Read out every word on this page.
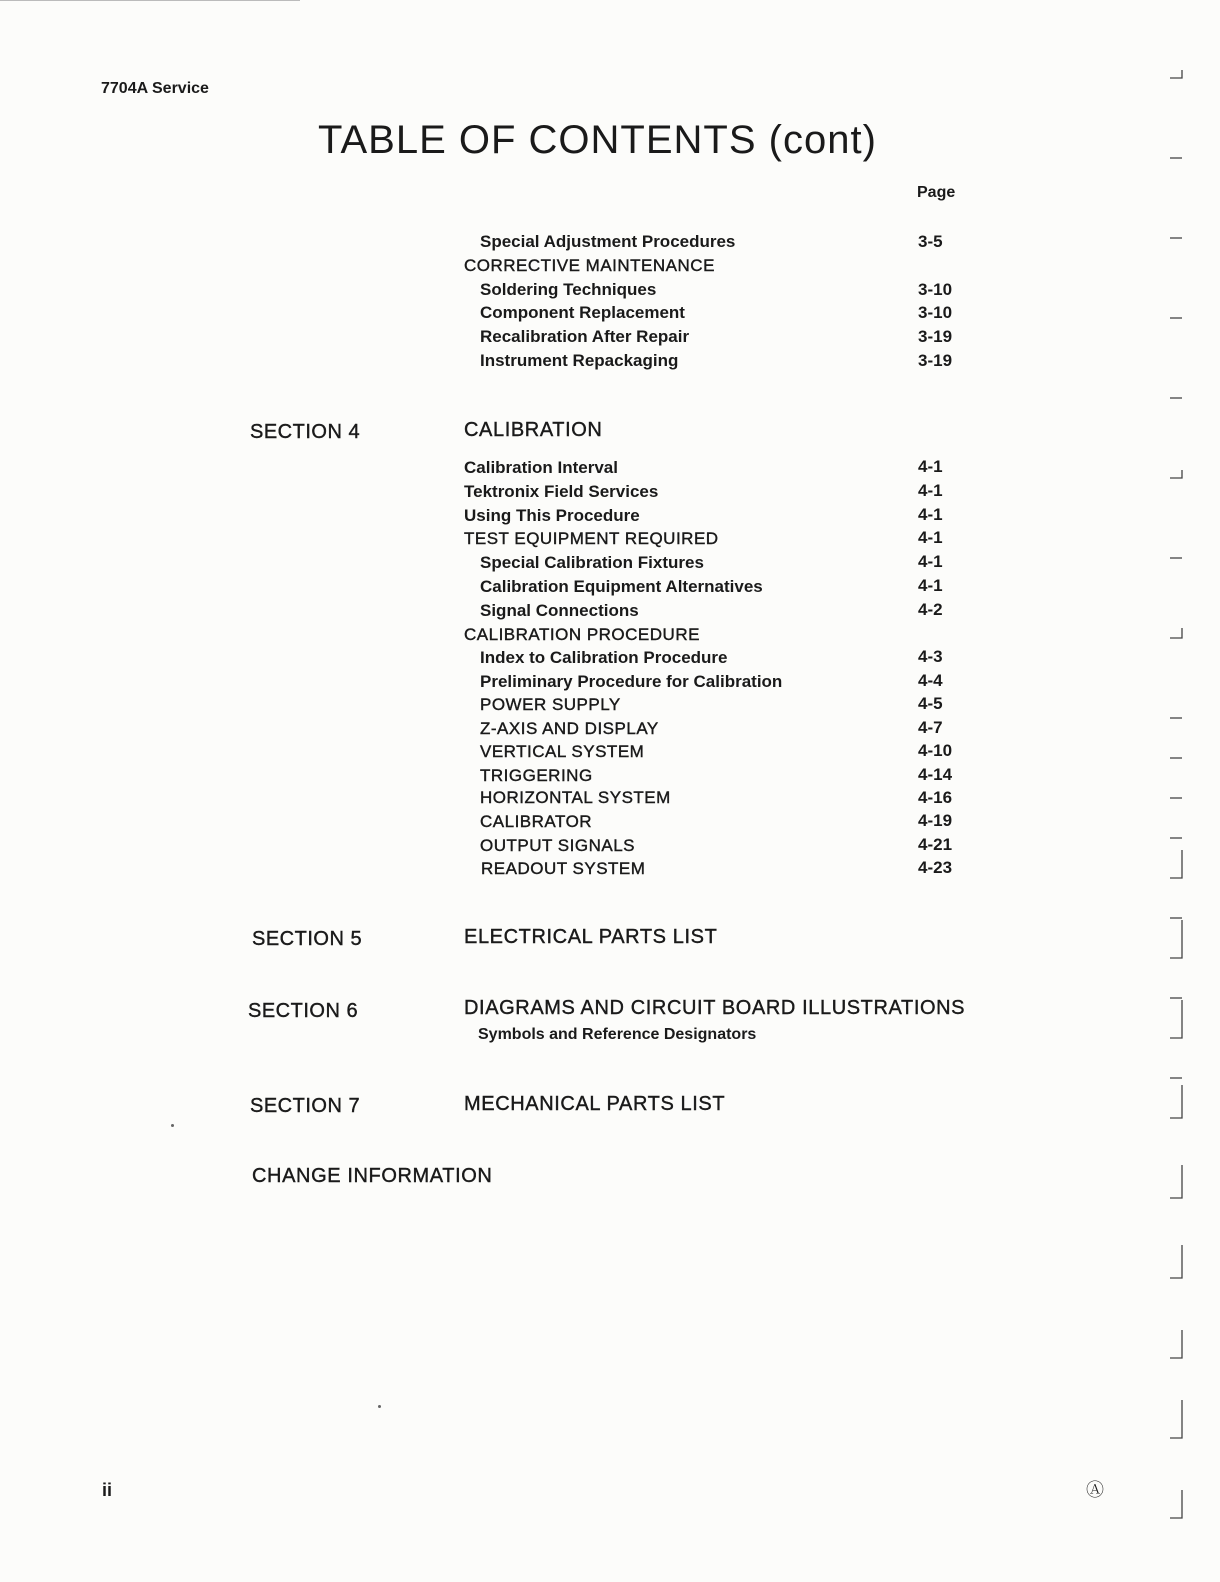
7704A Service
TABLE OF CONTENTS (cont)
Page
Special Adjustment Procedures	3-5
CORRECTIVE MAINTENANCE
Soldering Techniques	3-10
Component Replacement	3-10
Recalibration After Repair	3-19
Instrument Repackaging	3-19
SECTION 4	CALIBRATION
Calibration Interval	4-1
Tektronix Field Services	4-1
Using This Procedure	4-1
TEST EQUIPMENT REQUIRED	4-1
Special Calibration Fixtures	4-1
Calibration Equipment Alternatives	4-1
Signal Connections	4-2
CALIBRATION PROCEDURE
Index to Calibration Procedure	4-3
Preliminary Procedure for Calibration	4-4
POWER SUPPLY	4-5
Z-AXIS AND DISPLAY	4-7
VERTICAL SYSTEM	4-10
TRIGGERING	4-14
HORIZONTAL SYSTEM	4-16
CALIBRATOR	4-19
OUTPUT SIGNALS	4-21
READOUT SYSTEM	4-23
SECTION 5	ELECTRICAL PARTS LIST
SECTION 6	DIAGRAMS AND CIRCUIT BOARD ILLUSTRATIONS
Symbols and Reference Designators
SECTION 7	MECHANICAL PARTS LIST
CHANGE INFORMATION
ii	Ⓐ
